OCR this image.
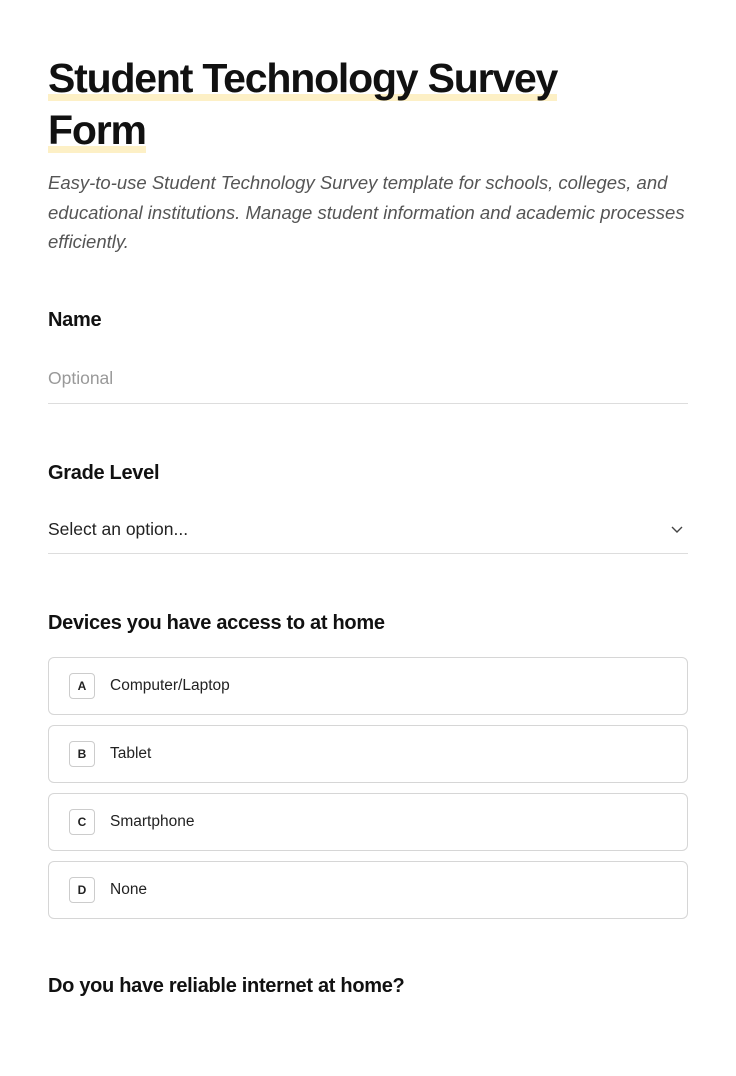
Student Technology Survey Form

Easy-to-use Student Technology Survey template for schools, colleges, and educational institutions. Manage student information and academic processes efficiently.

Name

Optional

Grade Level

Select an option...

Devices you have access to at home

A	Computer/Laptop
B	Tablet
C	Smartphone
D	None

Do you have reliable internet at home?
